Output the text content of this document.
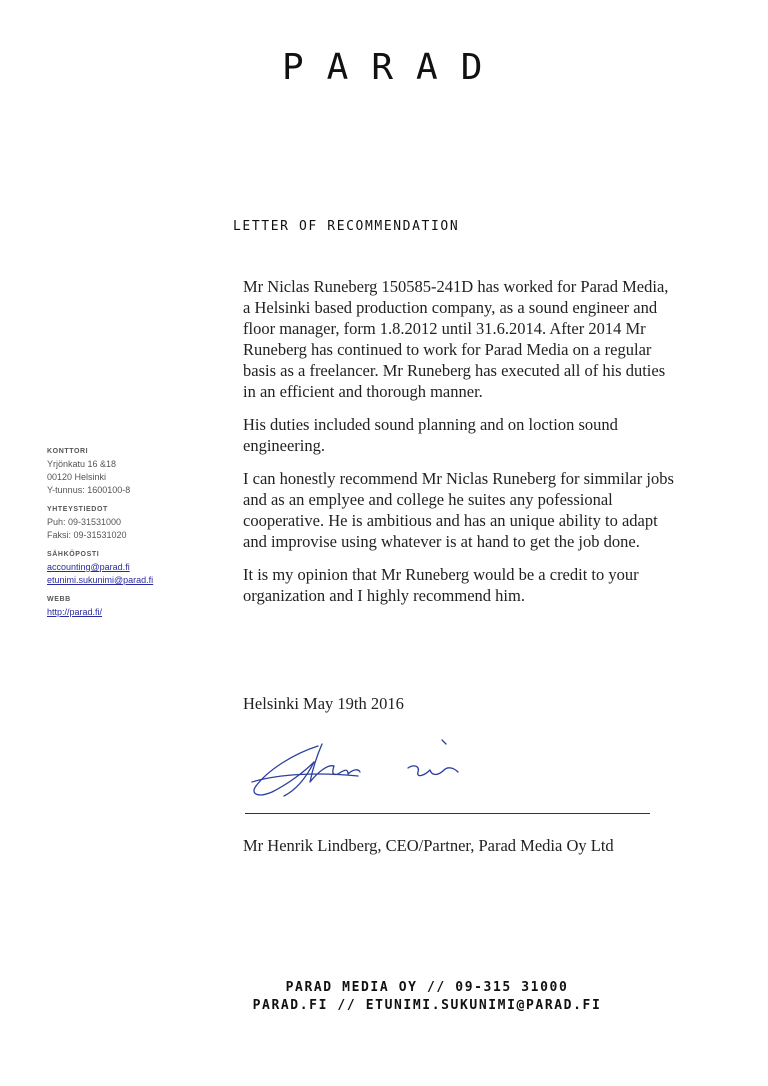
PARAD
LETTER OF RECOMMENDATION

Mr Niclas Runeberg 150585-241D has worked for Parad Media, a Helsinki based production company, as a sound engineer and floor manager, form 1.8.2012 until 31.6.2014. After 2014 Mr Runeberg has continued to work for Parad Media on a regular basis as a freelancer. Mr Runeberg has executed all of his duties in an efficient and thorough manner.

His duties included sound planning and on loction sound engineering.

I can honestly recommend Mr Niclas Runeberg for simmilar jobs and as an emplyee and college he suites any pofessional cooperative. He is ambitious and has an unique ability to adapt and improvise using whatever is at hand to get the job done.

It is my opinion that Mr Runeberg would be a credit to your organization and I highly recommend him.

KONTTORI
Yrjönkatu 16 &18
00120 Helsinki
Y-tunnus: 1600100-8
YHTEYSTIEDOT
Puh: 09-31531000
Faksi: 09-31531020
SÄHKÖPOSTI
accounting@parad.fi
etunimi.sukunimi@parad.fi
WEBB
http://parad.fi/
Helsinki May 19th 2016
Mr Henrik Lindberg, CEO/Partner, Parad Media Oy Ltd
PARAD MEDIA OY // 09-315 31000
PARAD.FI // ETUNIMI.SUKUNIMI@PARAD.FI
